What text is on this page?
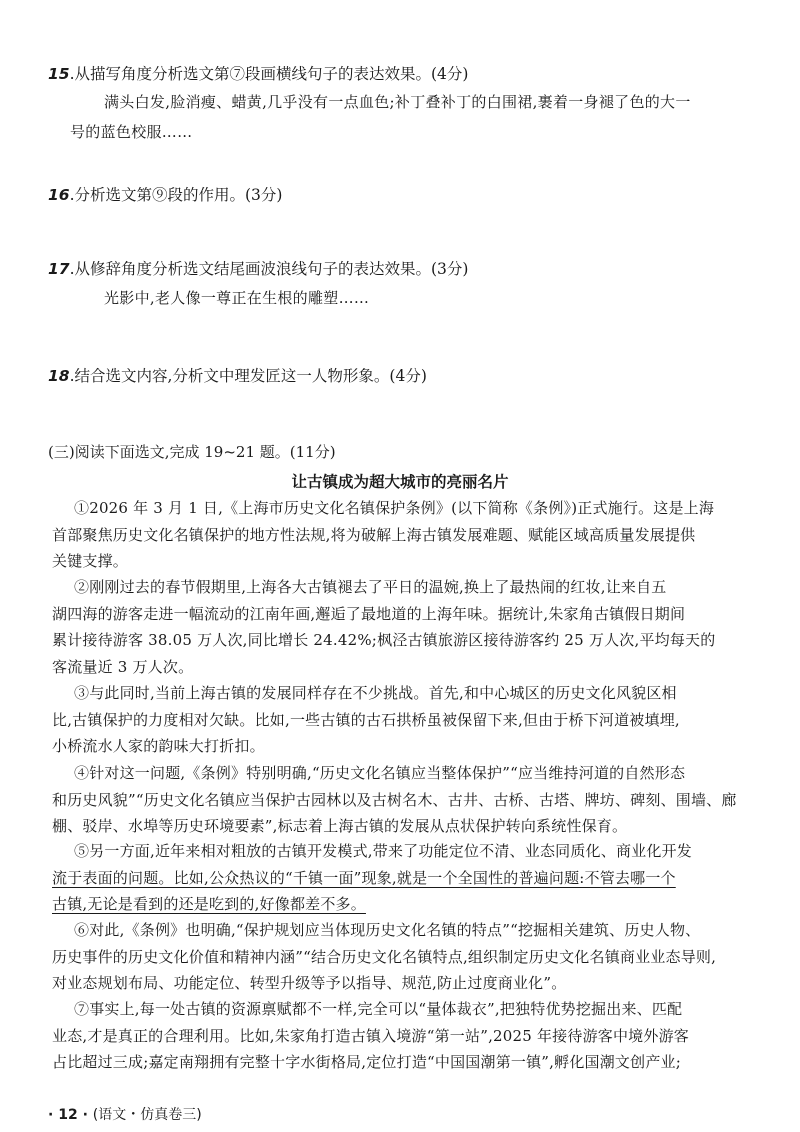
15.从描写角度分析选文第⑦段画横线句子的表达效果。(4分)
满头白发,脸消瘦、蜡黄,几乎没有一点血色;补丁叠补丁的白围裙,裹着一身褪了色的大一
号的蓝色校服……
16.分析选文第⑨段的作用。(3分)
17.从修辞角度分析选文结尾画波浪线句子的表达效果。(3分)
光影中,老人像一尊正在生根的雕塑……
18.结合选文内容,分析文中理发匠这一人物形象。(4分)
(三)阅读下面选文,完成 19~21 题。(11分)
让古镇成为超大城市的亮丽名片
①2026 年 3 月 1 日,《上海市历史文化名镇保护条例》(以下简称《条例》)正式施行。这是上海
首部聚焦历史文化名镇保护的地方性法规,将为破解上海古镇发展难题、赋能区域高质量发展提供
关键支撑。
②刚刚过去的春节假期里,上海各大古镇褪去了平日的温婉,换上了最热闹的红妆,让来自五
湖四海的游客走进一幅流动的江南年画,邂逅了最地道的上海年味。据统计,朱家角古镇假日期间
累计接待游客 38.05 万人次,同比增长 24.42%;枫泾古镇旅游区接待游客约 25 万人次,平均每天的
客流量近 3 万人次。
③与此同时,当前上海古镇的发展同样存在不少挑战。首先,和中心城区的历史文化风貌区相
比,古镇保护的力度相对欠缺。比如,一些古镇的古石拱桥虽被保留下来,但由于桥下河道被填埋,
小桥流水人家的韵味大打折扣。
④针对这一问题,《条例》特别明确,“历史文化名镇应当整体保护”“应当维持河道的自然形态
和历史风貌”“历史文化名镇应当保护古园林以及古树名木、古井、古桥、古塔、牌坊、碑刻、围墙、廊
棚、驳岸、水埠等历史环境要素”,标志着上海古镇的发展从点状保护转向系统性保育。
⑤另一方面,近年来相对粗放的古镇开发模式,带来了功能定位不清、业态同质化、商业化开发
流于表面的问题。比如,公众热议的“千镇一面”现象,就是一个全国性的普遍问题:不管去哪一个
古镇,无论是看到的还是吃到的,好像都差不多。
⑥对此,《条例》也明确,“保护规划应当体现历史文化名镇的特点”“挖掘相关建筑、历史人物、
历史事件的历史文化价值和精神内涵”“结合历史文化名镇特点,组织制定历史文化名镇商业业态导则,
对业态规划布局、功能定位、转型升级等予以指导、规范,防止过度商业化”。
⑦事实上,每一处古镇的资源禀赋都不一样,完全可以“量体裁衣”,把独特优势挖掘出来、匹配
业态,才是真正的合理利用。比如,朱家角打造古镇入境游“第一站”,2025 年接待游客中境外游客
占比超过三成;嘉定南翔拥有完整十字水街格局,定位打造“中国国潮第一镇”,孵化国潮文创产业;
· 12 · (语文・仿真卷三)
